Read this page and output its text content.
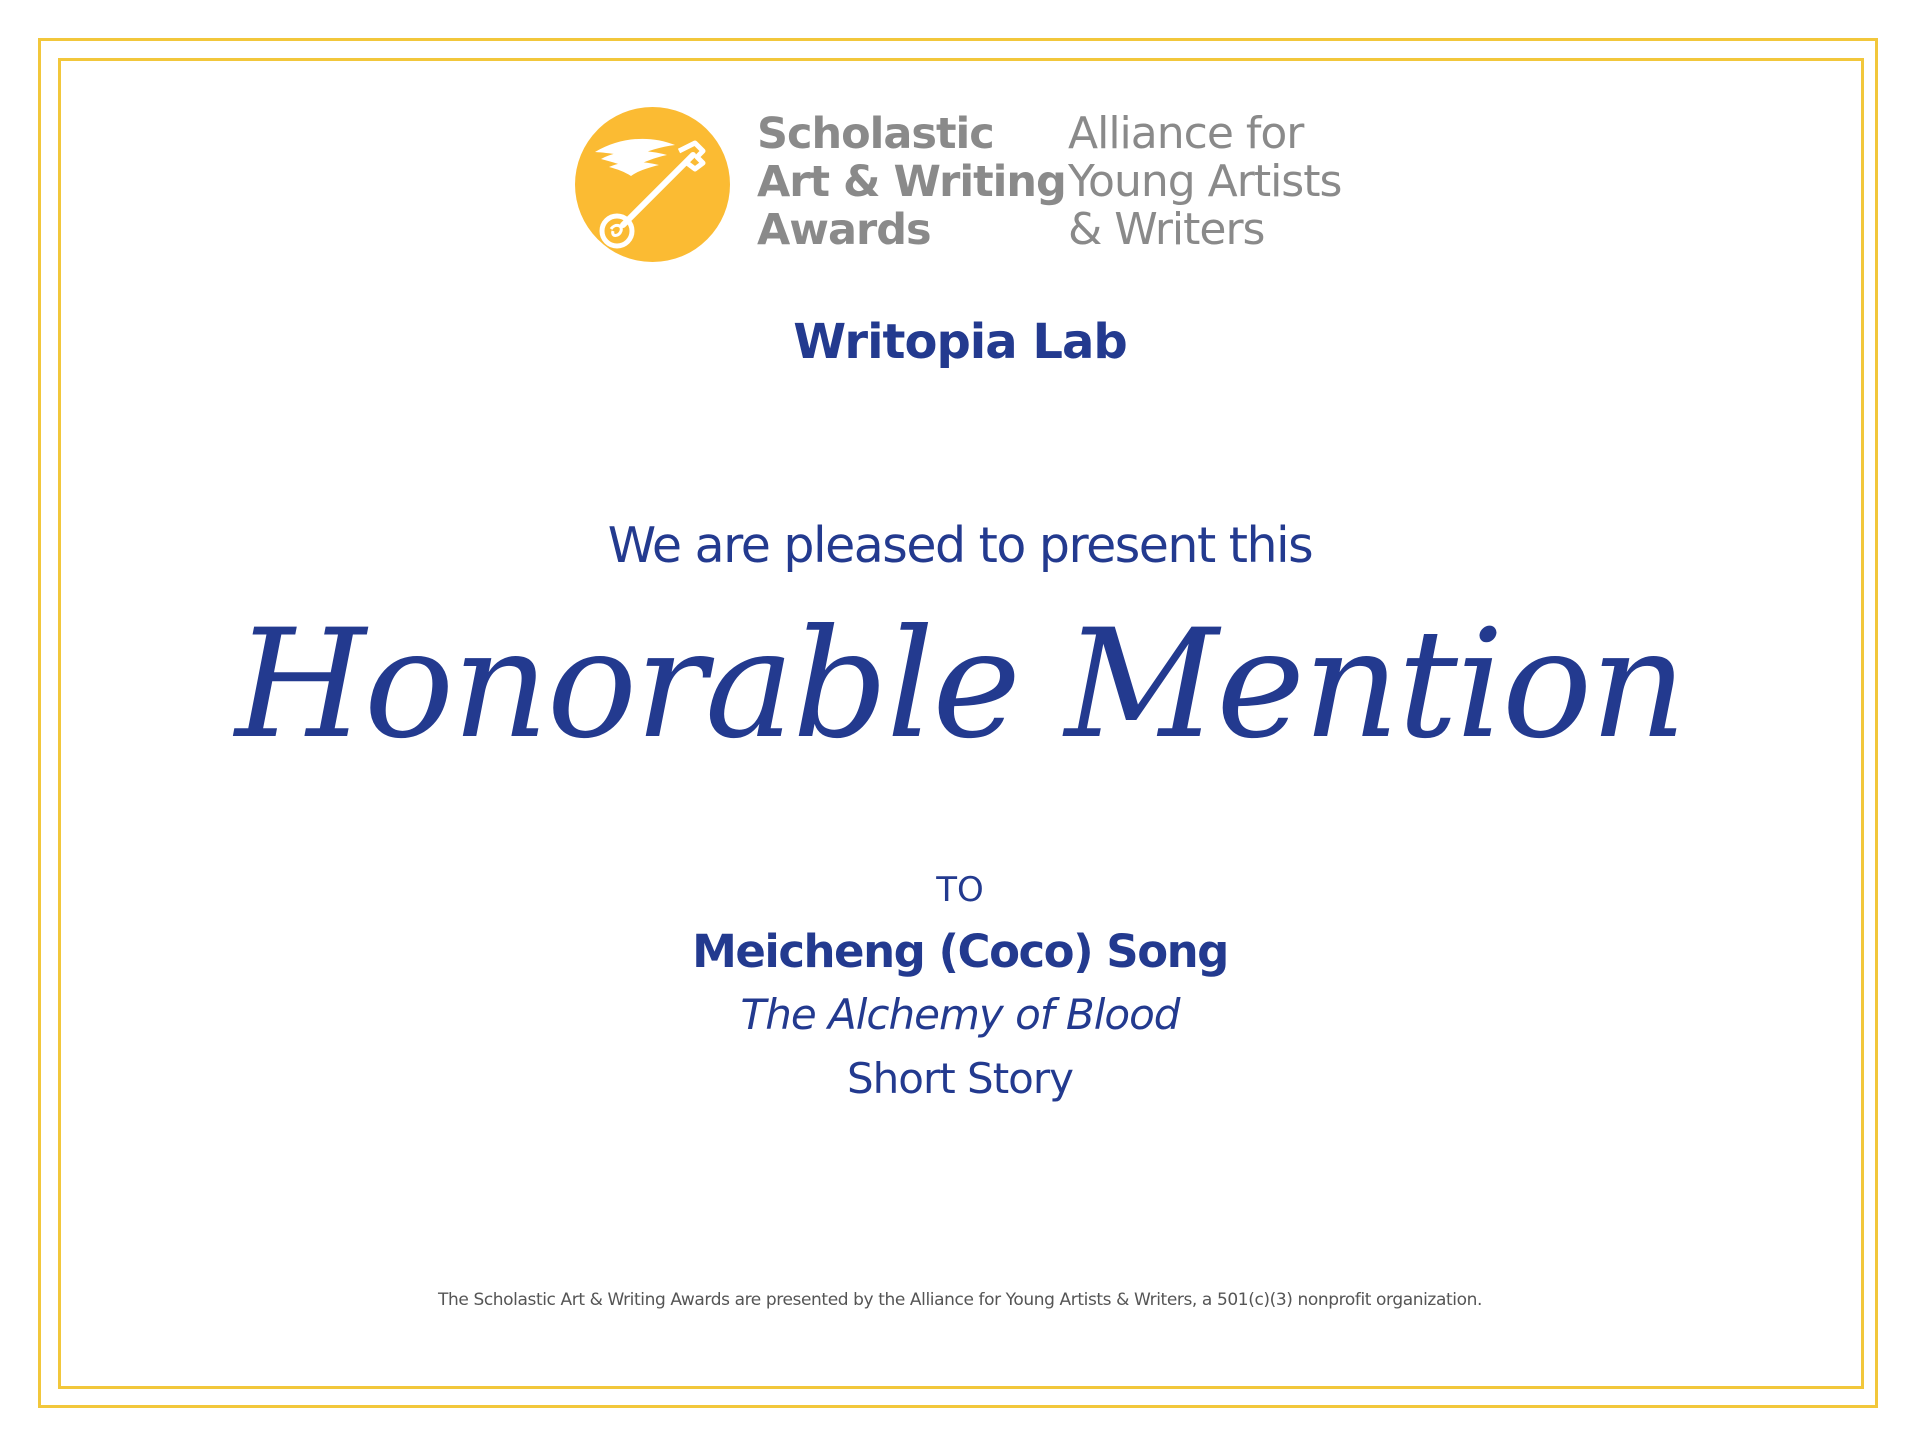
Scholastic
Art & Writing
Awards
Alliance for
Young Artists
& Writers
Writopia Lab
We are pleased to present this
Honorable Mention
TO
Meicheng (Coco) Song
The Alchemy of Blood
Short Story
The Scholastic Art & Writing Awards are presented by the Alliance for Young Artists & Writers, a 501(c)(3) nonprofit organization.
